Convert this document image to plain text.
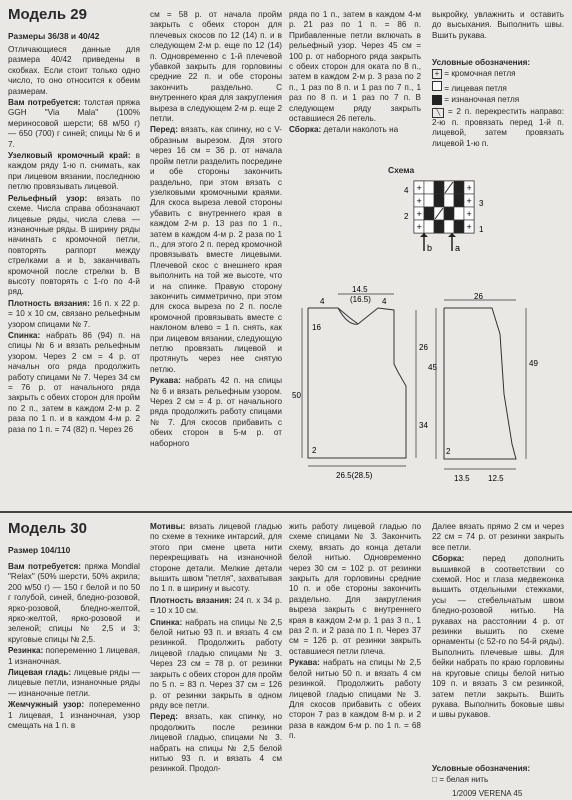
Модель 29
Размеры 36/38 и 40/42

Отличающиеся данные для размера 40/42 приведены в скобках. Если стоит только одно число, то оно относится к обеим размерам.

Вам потребуется: толстая пряжа GGH "Via Mala" (100% мериносовой шерсти; 68 м/50 г) — 650 (700) г синей; спицы № 6 и 7.

Узелковый кромочный край: в каждом ряду 1-ю п. снимать, как при лицевом вязании, последнюю петлю провязывать лицевой.

Рельефный узор: вязать по схеме. Числа справа обозначают лицевые ряды, числа слева — изнаночные ряды. В ширину ряды начинать с кромочной петли, повторять раппорт между стрелками а и b, заканчивать кромочной после стрелки b. В высоту повторять с 1-го по 4-й ряд.

Плотность вязания: 16 п. х 22 р. = 10 х 10 см, связано рельефным узором спицами № 7.

Спинка: набрать 86 (94) п. на спицы № 6 и вязать рельефным узором. Через 2 см = 4 р. от начальн ого ряда продолжить работу спицами № 7. Через 34 см = 76 р. от начального ряда закрыть с обеих сторон для пройм по 2 п., затем в каждом 2-м р. 2 раза по 1 п. и в каждом 4-м р. 2 раза по 1 п. = 74 (82) п. Через 26

см = 58 р. от начала пройм закрыть с обеих сторон для плечевых скосов по 12 (14) п. и в следующем 2-м р. еще по 12 (14) п. Одновременно с 1-й плечевой убавкой закрыть для горловины средние 22 п. и обе стороны закончить раздельно. С внутреннего края для закругления выреза в следующем 2-м р. еще 2 петли.

Перед: вязать, как спинку, но с V-образным вырезом. Для этого через 16 см = 36 р. от начала пройм петли разделить посредине и обе стороны закончить раздельно, при этом вязать с узелковыми кромочными краями. Для скоса выреза левой стороны убавить с внутреннего края в каждом 2-м р. 13 раз по 1 п., затем в каждом 4-м р. 2 раза по 1 п., для этого 2 п. перед кромочной провязывать вместе лицевыми. Плечевой скос с внешнего края выполнить на той же высоте, что и на спинке. Правую сторону закончить симметрично, при этом для скоса выреза по 2 п. после кромочной провязывать вместе с наклоном влево = 1 п. снять, как при лицевом вязании, следующую петлю провязать лицевой и протянуть через нее снятую петлю.

Рукава: набрать 42 п. на спицы № 6 и вязать рельефным узором. Через 2 см = 4 р. от начального ряда продолжить работу спицами № 7. Для скосов прибавить с обеих сторон в 5-м р. от наборного

ряда по 1 п., затем в каждом 4-м р. 21 раз по 1 п. = 86 п. Прибавленные петли включать в рельефный узор. Через 45 см = 100 р. от наборного ряда закрыть с обеих сторон для оката по 8 п., затем в каждом 2-м р. 3 раза по 2 п., 1 раз по 8 п. и 1 раз по 7 п., 1 раз по 8 п. и 1 раз по 7 п. В следующем ряду закрыть оставшиеся 26 петель.

Сборка: детали наколоть на

выкройку, увлажнить и оставить до высыхания. Выполнить швы. Вшить рукава.

Условные обозначения:

+ = кромочная петля

= лицевая петля

= изнаночная петля

╲ = 2 п. перекрестить направо: 2-ю п. провязать перед 1-й п. лицевой, затем провязать лицевой 1-ю п.

Схема
+	+
+	+
+	+
+	+
4
2
3
1
b	a
14.5
(16.5)
4	4
26
34
16
50
2
26.5(28.5)
26
45	49
2
13.5 12.5
Модель 30
Размер 104/110

Вам потребуется: пряжа Mondial "Relax" (50% шерсти, 50% акрила; 200 м/50 г) — 150 г белой и по 50 г голубой, синей, бледно-розовой, ярко-розовой, бледно-желтой, ярко-желтой, ярко-розовой и зеленой; спицы № 2,5 и 3; круговые спицы № 2,5.

Резинка: попеременно 1 лицевая, 1 изнаночная.

Лицевая гладь: лицевые ряды — лицевые петли, изнаночные ряды — изнаночные петли.

Жемчужный узор: попеременно 1 лицевая, 1 изнаночная, узор смещать на 1 п. в

Мотивы: вязать лицевой гладью по схеме в технике интарсий, для этого при смене цвета нити перекрещивать на изнаночной стороне детали. Мелкие детали вышить швом "петля", захватывая по 1 п. в ширину и высоту.

Плотность вязания: 24 п. х 34 р. = 10 х 10 см.

Спинка: набрать на спицы № 2,5 белой нитью 93 п. и вязать 4 см резинкой. Продолжить работу лицевой гладью спицами № 3. Через 23 см = 78 р. от резинки закрыть с обеих сторон для пройм по 5 п. = 83 п. Через 37 см = 126 р. от резинки закрыть в одном ряду все петли.

Перед: вязать, как спинку, но продолжить после резинки лицевой гладью, спицами № 3. набрать на спицы № 2,5 белой нитью 93 п. и вязать 4 см резинкой. Продол-

жить работу лицевой гладью по схеме спицами № 3. Закончить схему, вязать до конца детали белой нитью. Одновременно через 30 см = 102 р. от резинки закрыть для горловины средние 10 п. и обе стороны закончить раздельно. Для закругления выреза закрыть с внутреннего края в каждом 2-м р. 1 раз 3 п., 1 раз 2 п. и 2 раза по 1 п. Через 37 см = 126 р. от резинки закрыть оставшиеся петли плеча.

Рукава: набрать на спицы № 2,5 белой нитью 50 п. и вязать 4 см резинкой. Продолжить работу лицевой гладью спицами № 3. Для скосов прибавить с обеих сторон 7 раз в каждом 8-м р. и 2 раза в каждом 6-м р. по 1 п. = 68 п.

Далее вязать прямо 2 см и через 22 см = 74 р. от резинки закрыть все петли.

Сборка: перед дополнить вышивкой в соответствии со схемой. Нос и глаза медвежонка вышить отдельными стежками, усы — стебельчатым швом бледно-розовой нитью. На рукавах на расстоянии 4 р. от резинки вышить по схеме орнаменты (с 52-го по 54-й ряды). Выполнить плечевые швы. Для бейки набрать по краю горловины на круговые спицы белой нитью 109 п. и вязать 3 см резинкой, затем петли закрыть. Вшить рукава. Выполнить боковые швы и швы рукавов.

Условные обозначения:

□ = белая нить

1/2009 VERENA 45
